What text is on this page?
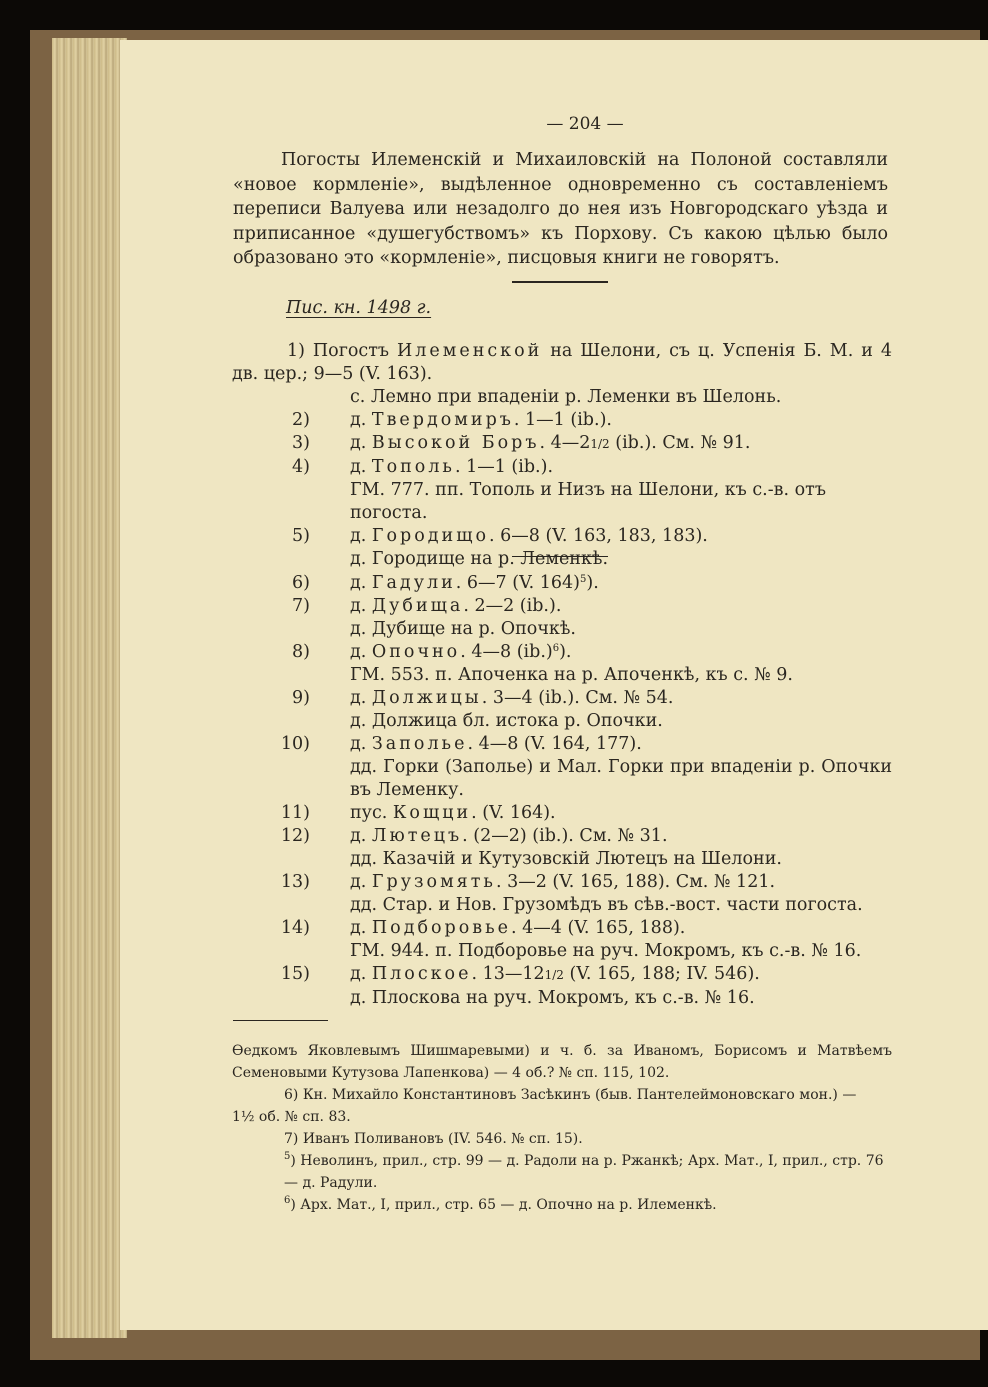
— 204 —

Погосты Илеменскiй и Михаиловскiй на Полоной составляли «новое кормленiе», выдѣленное одновременно съ составленiемъ переписи Валуева или незадолго до нея изъ Новгородскаго уѣзда и приписанное «душегубствомъ» къ Порхову. Съ какою цѣлью было образовано это «кормленiе», писцовыя книги не говорятъ.

Пис. кн. 1498 г.
1) Погостъ Илеменской на Шелони, съ ц. Успенiя Б. М. и 4 дв. цер.; 9—5 (V. 163).
с. Лемно при впаденiи р. Леменки въ Шелонь.
2) д. Твердомиръ. 1—1 (ib.).
3) д. Высокой Боръ. 4—21/2 (ib.). См. № 91.
4) д. Тополь. 1—1 (ib.).
ГМ. 777. пп. Тополь и Низъ на Шелони, къ с.-в. отъ погоста.
5) д. Городищо. 6—8 (V. 163, 183, 183).
д. Городище на р. Леменкѣ.
6) д. Гадули. 6—7 (V. 164)$^5$).
7) д. Дубища. 2—2 (ib.).
д. Дубище на р. Опочкѣ.
8) д. Опочно. 4—8 $(ib.)^6$).
ГМ. 553. п. Апоченка на р. Апоченкѣ, къ с. № 9.
9) д. Должицы. 3—4 (ib.). См. № 54.
д. Должица бл. истока р. Опочки.
10) д. Заполье. 4—8 (V. 164, 177).
дд. Горки (Заполье) и Мал. Горки при впаденiи р. Опочки въ Леменку.
11) пус. Кощци. (V. 164).
12) д. Лютецъ. (2—2) (ib.). См. № 31.
дд. Казачiй и Кутузовскiй Лютецъ на Шелони.
13) д. Грузомять. 3—2 (V. 165, 188). См. № 121.
дд. Стар. и Нов. Грузомѣдъ въ сѣв.-вост. части погоста.
14) д. Подборовье. 4—4 (V. 165, 188).
ГМ. 944. п. Подборовье на руч. Мокромъ, къ с.-в. № 16.
15) д. Плоское. 13—121/2 (V. 165, 188; IV. 546).
д. Плоскова на руч. Мокромъ, къ с.-в. № 16.
Ѳедкомъ Яковлевымъ Шишмаревыми) и ч. б. за Иваномъ, Борисомъ и Матвѣемъ Семеновыми Кутузова Лапенкова) — 4 об.? № сп. 115, 102.
6) Кн. Михайло Константиновъ Засѣкинъ (быв. Пантелеймоновскаго мон.) —
1½ об. № сп. 83.
7) Иванъ Поливановъ (IV. 546. № сп. 15).
$^5$) Неволинъ, прил., стр. 99 — д. Радоли на р. Ржанкѣ; Арх. Мат., I, прил., стр. 76 — д. Радули.
$^6$) Арх. Мат., I, прил., стр. 65 — д. Опочно на р. Илеменкѣ.
